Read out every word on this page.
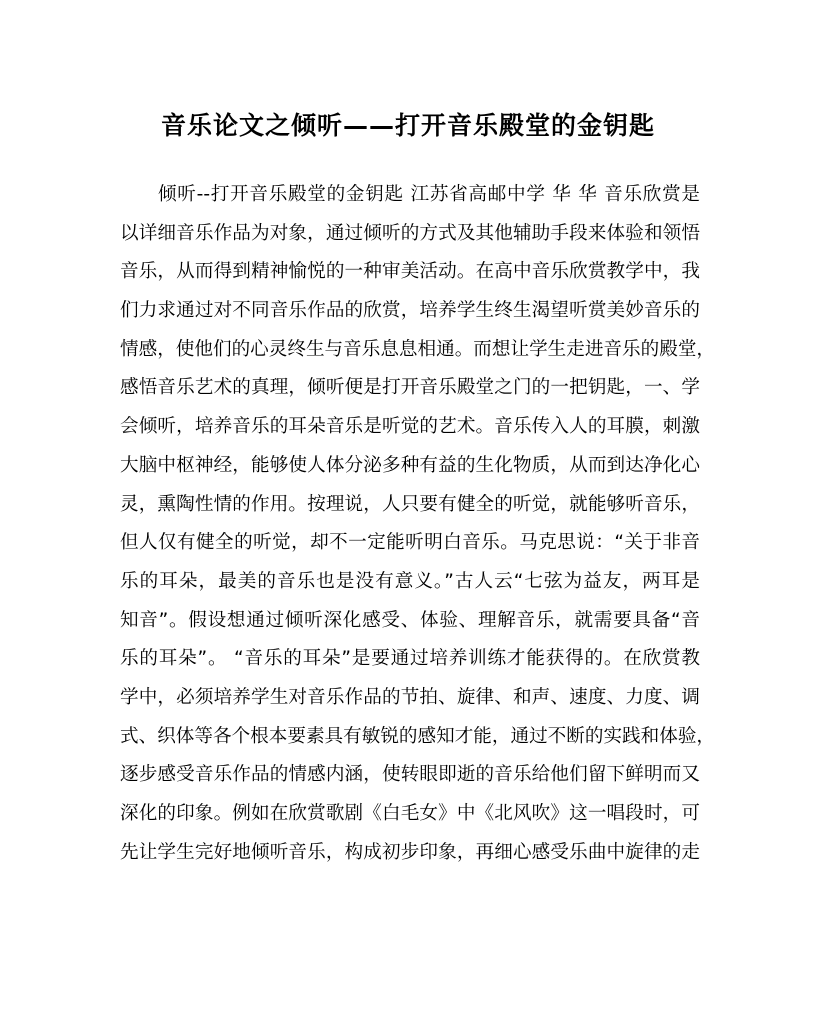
音乐论文之倾听——打开音乐殿堂的金钥匙
倾听--打开音乐殿堂的金钥匙 江苏省高邮中学 华 华 音乐欣赏是
以详细音乐作品为对象，通过倾听的方式及其他辅助手段来体验和领悟
音乐，从而得到精神愉悦的一种审美活动。在高中音乐欣赏教学中，我
们力求通过对不同音乐作品的欣赏，培养学生终生渴望听赏美妙音乐的
情感，使他们的心灵终生与音乐息息相通。而想让学生走进音乐的殿堂，
感悟音乐艺术的真理，倾听便是打开音乐殿堂之门的一把钥匙，一、学
会倾听，培养音乐的耳朵音乐是听觉的艺术。音乐传入人的耳膜，刺激
大脑中枢神经，能够使人体分泌多种有益的生化物质，从而到达净化心
灵，熏陶性情的作用。按理说，人只要有健全的听觉，就能够听音乐，
但人仅有健全的听觉，却不一定能听明白音乐。马克思说：“关于非音
乐的耳朵，最美的音乐也是没有意义。”古人云“七弦为益友，两耳是
知音”。假设想通过倾听深化感受、体验、理解音乐，就需要具备“音
乐的耳朵”。 “音乐的耳朵”是要通过培养训练才能获得的。在欣赏教
学中，必须培养学生对音乐作品的节拍、旋律、和声、速度、力度、调
式、织体等各个根本要素具有敏锐的感知才能，通过不断的实践和体验，
逐步感受音乐作品的情感内涵，使转眼即逝的音乐给他们留下鲜明而又
深化的印象。例如在欣赏歌剧《白毛女》中《北风吹》这一唱段时，可
先让学生完好地倾听音乐，构成初步印象，再细心感受乐曲中旋律的走
